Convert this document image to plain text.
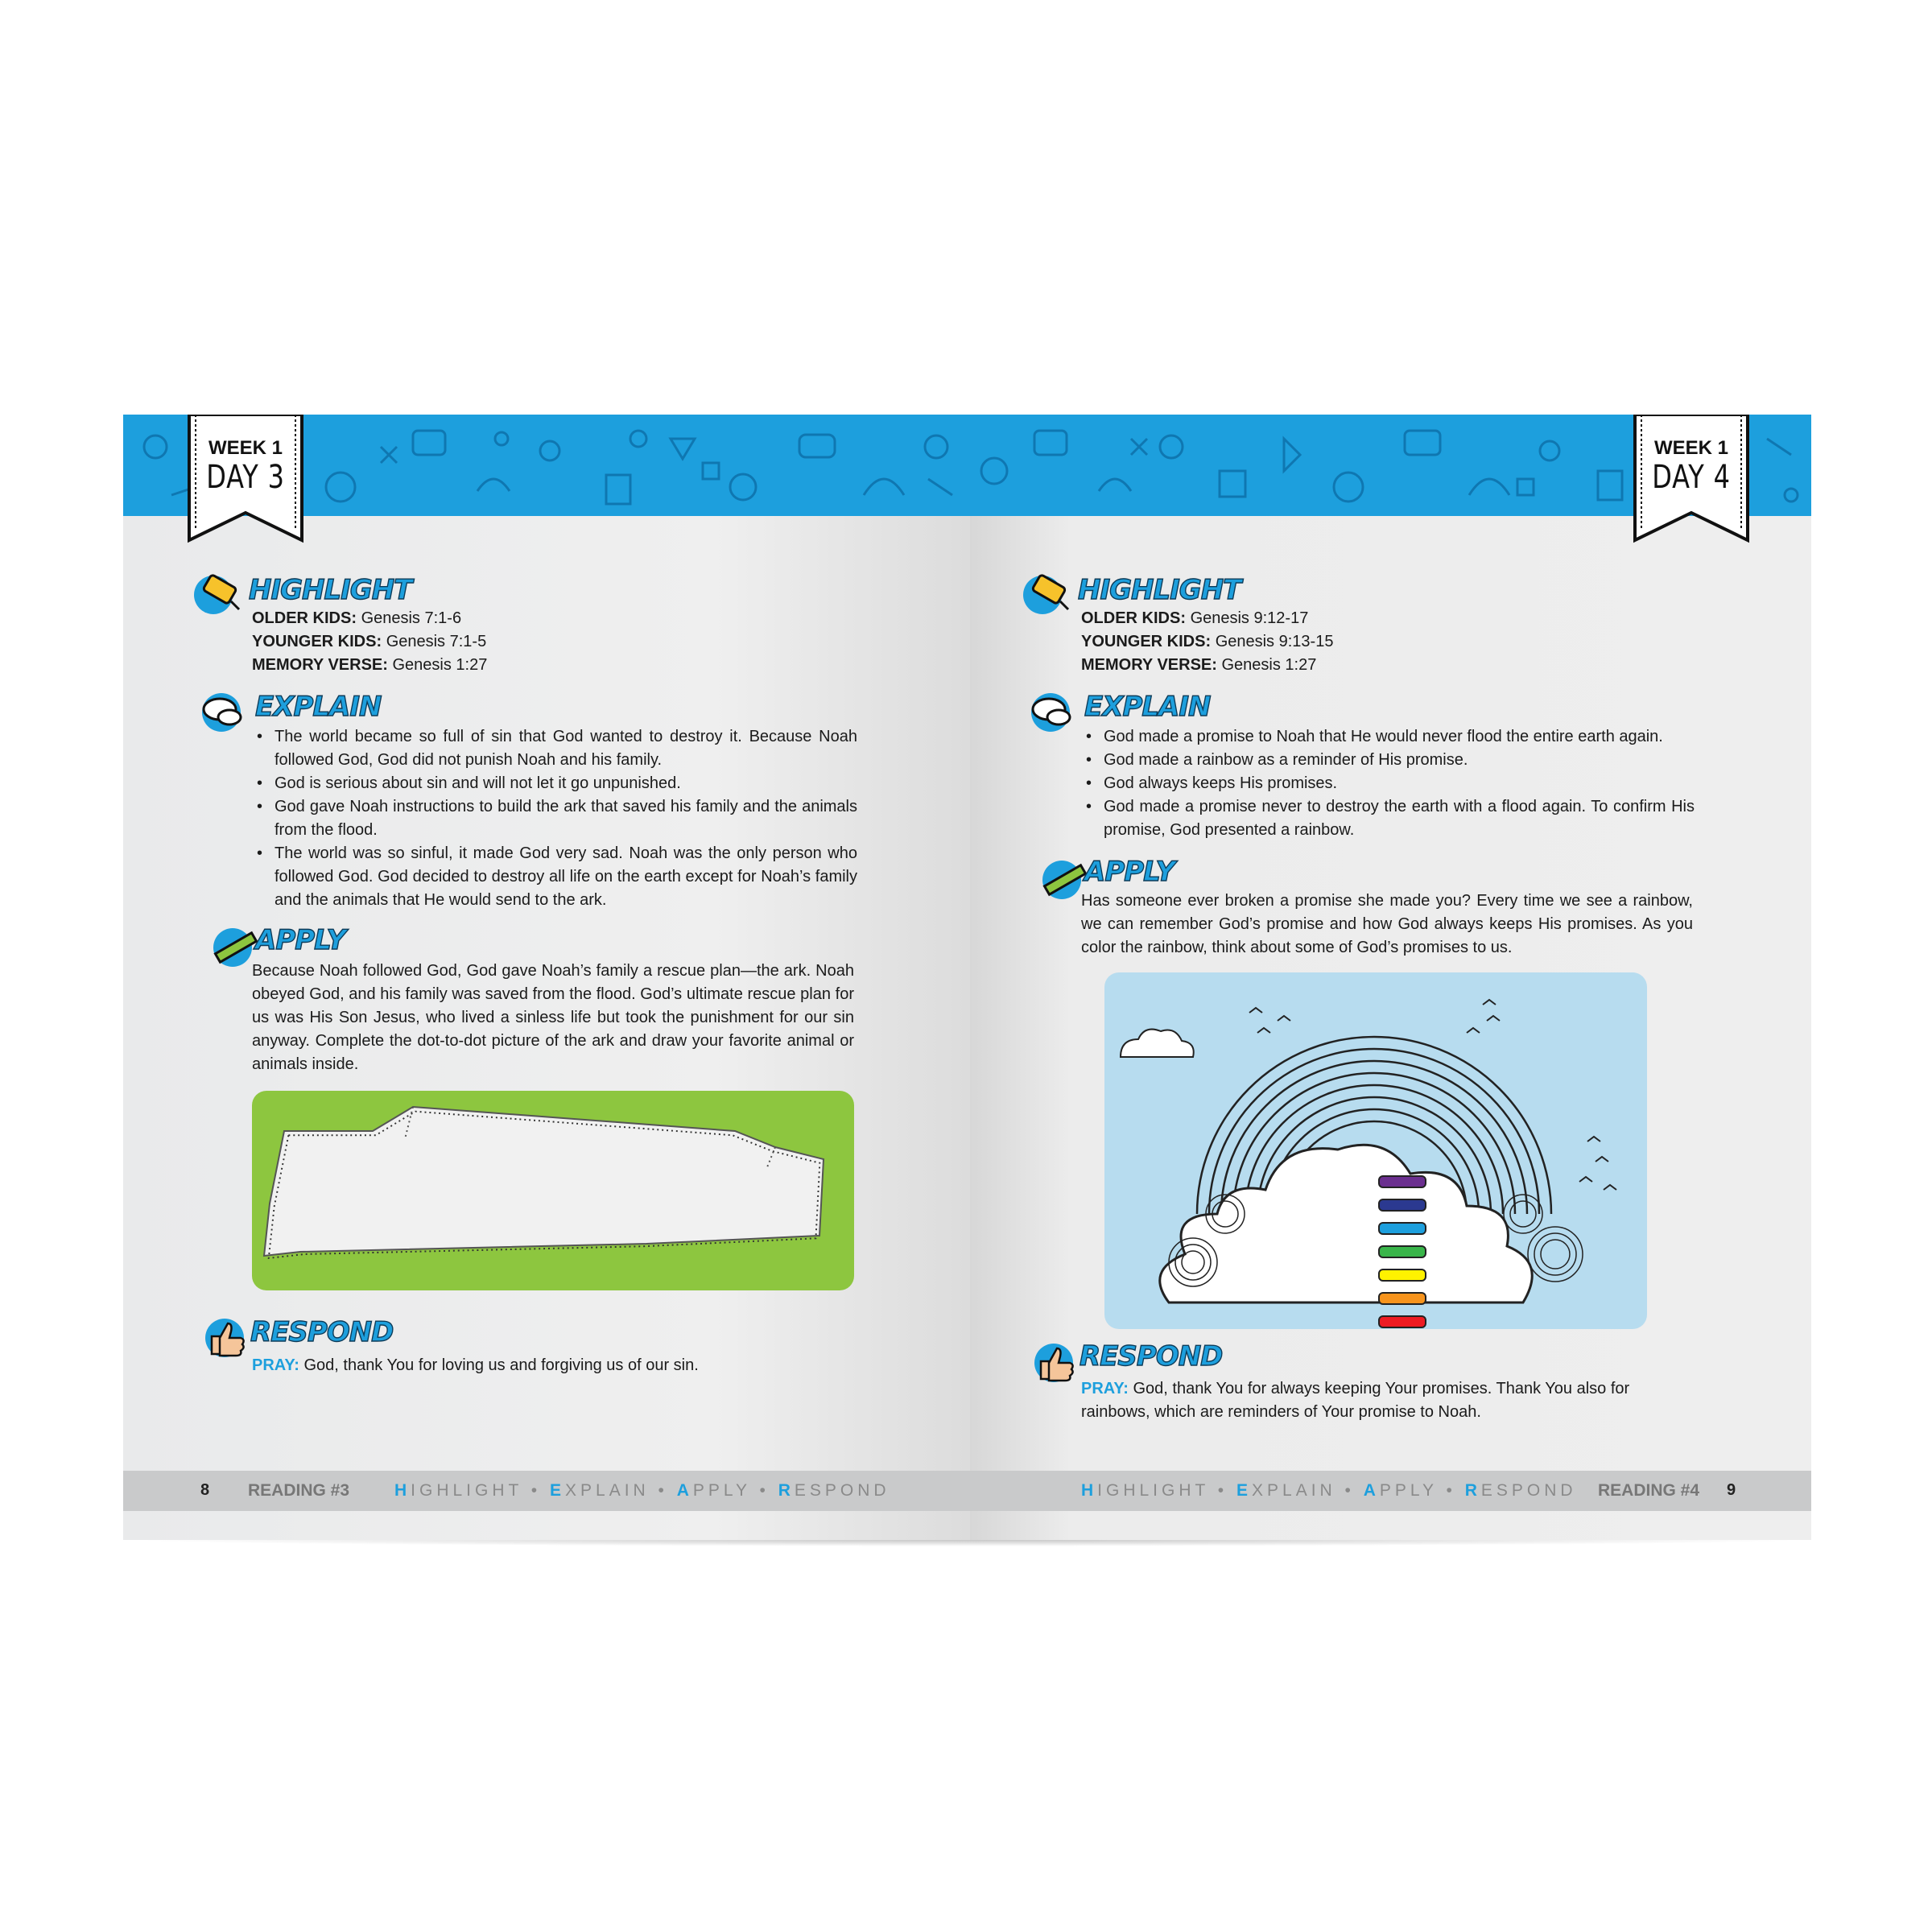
WEEK 1
DAY 3
HIGHLIGHT
OLDER KIDS: Genesis 7:1-6
YOUNGER KIDS: Genesis 7:1-5
MEMORY VERSE: Genesis 1:27
EXPLAIN
• The world became so full of sin that God wanted to destroy it. Because Noah followed God, God did not punish Noah and his family.
• God is serious about sin and will not let it go unpunished.
• God gave Noah instructions to build the ark that saved his family and the animals from the flood.
• The world was so sinful, it made God very sad. Noah was the only person who followed God. God decided to destroy all life on the earth except for Noah’s family and the animals that He would send to the ark.
APPLY
Because Noah followed God, God gave Noah’s family a rescue plan—the ark. Noah obeyed God, and his family was saved from the flood. God’s ultimate rescue plan for us was His Son Jesus, who lived a sinless life but took the punishment for our sin anyway. Complete the dot-to-dot picture of the ark and draw your favorite animal or animals inside.
RESPOND
PRAY: God, thank You for loving us and forgiving us of our sin.
8 READING #3	HIGHLIGHT • EXPLAIN • APPLY • RESPOND
WEEK 1
DAY 4
HIGHLIGHT
OLDER KIDS: Genesis 9:12-17
YOUNGER KIDS: Genesis 9:13-15
MEMORY VERSE: Genesis 1:27
EXPLAIN
• God made a promise to Noah that He would never flood the entire earth again.
• God made a rainbow as a reminder of His promise.
• God always keeps His promises.
• God made a promise never to destroy the earth with a flood again. To confirm His promise, God presented a rainbow.
APPLY
Has someone ever broken a promise she made you? Every time we see a rainbow, we can remember God’s promise and how God always keeps His promises. As you color the rainbow, think about some of God’s promises to us.
RESPOND
PRAY: God, thank You for always keeping Your promises. Thank You also for rainbows, which are reminders of Your promise to Noah.
HIGHLIGHT • EXPLAIN • APPLY • RESPOND READING #4 9
